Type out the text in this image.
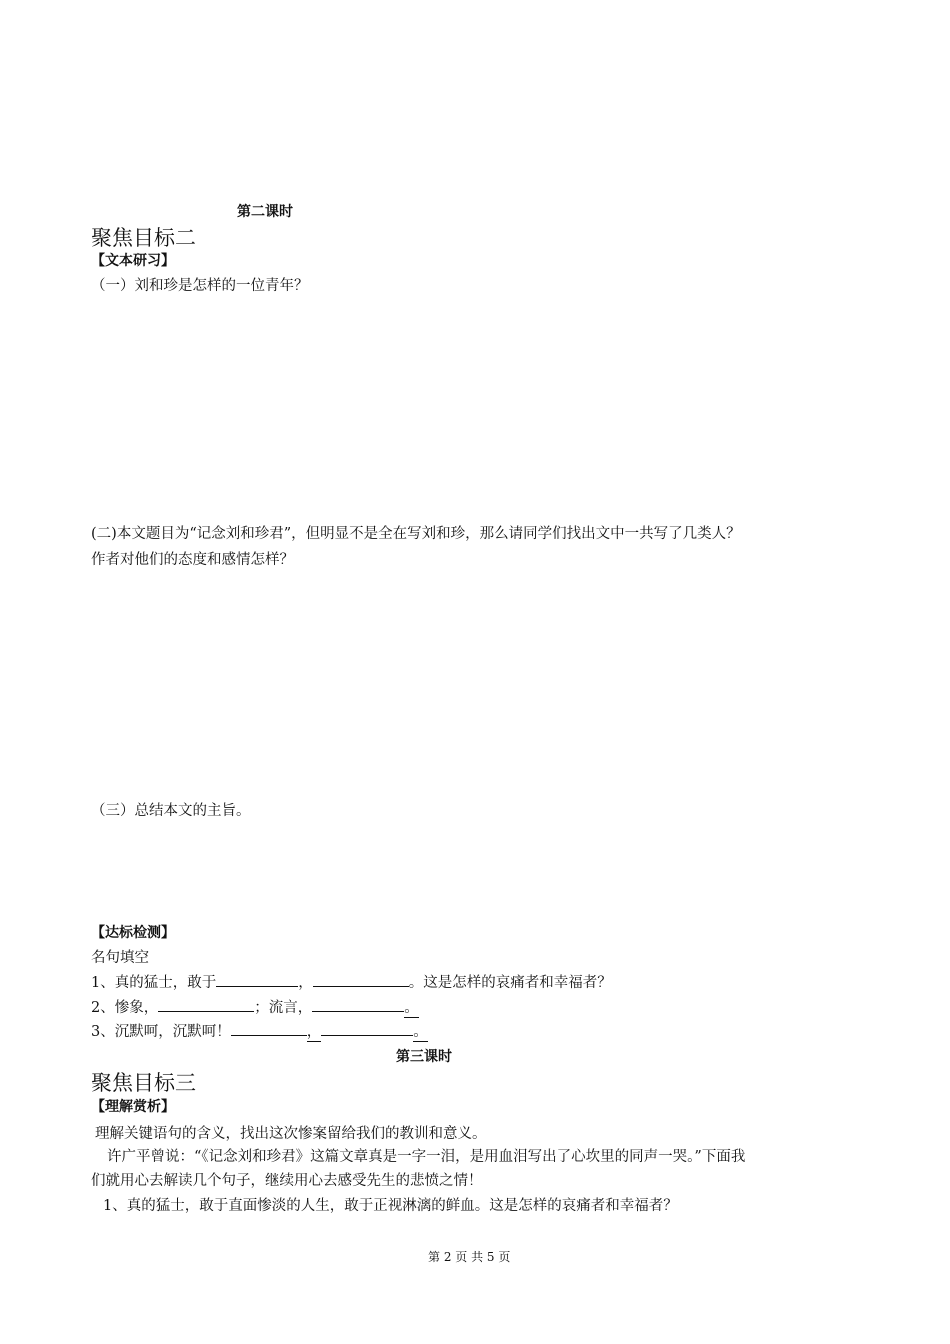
第二课时
聚焦目标二
【文本研习】
（一）刘和珍是怎样的一位青年？
(二)本文题目为“记念刘和珍君”，但明显不是全在写刘和珍，那么请同学们找出文中一共写了几类人？
作者对他们的态度和感情怎样？
（三）总结本文的主旨。
【达标检测】
名句填空
1、真的猛士，敢于	，	。这是怎样的哀痛者和幸福者？
2、惨象，	；流言，	。
3、沉默呵，沉默呵！	，	。
第三课时
聚焦目标三
【理解赏析】
理解关键语句的含义，找出这次惨案留给我们的教训和意义。
许广平曾说：“《记念刘和珍君》这篇文章真是一字一泪，是用血泪写出了心坎里的同声一哭。”下面我
们就用心去解读几个句子，继续用心去感受先生的悲愤之情！
1、真的猛士，敢于直面惨淡的人生，敢于正视淋漓的鲜血。这是怎样的哀痛者和幸福者？
第 2 页 共 5 页
